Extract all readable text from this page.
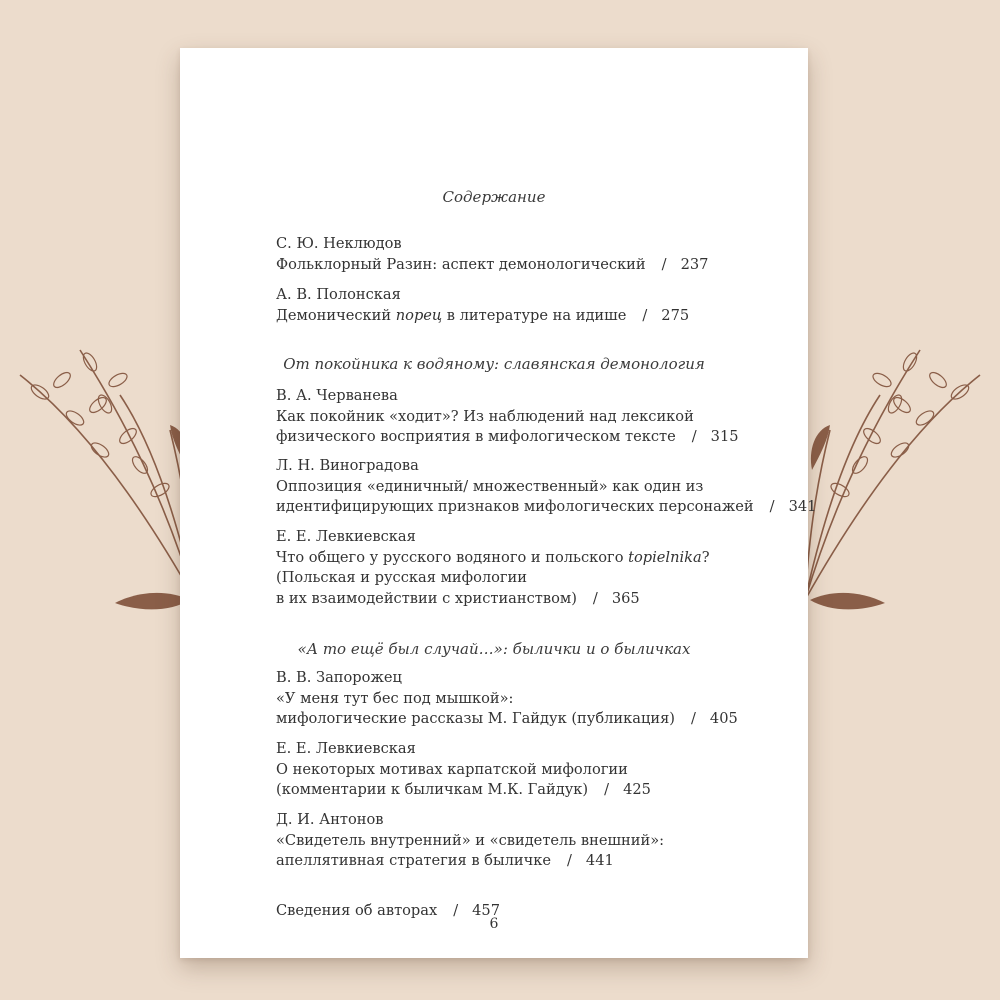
Содержание
С. Ю. Неклюдов
Фольклорный Разин: аспект демонологический / 237
А. В. Полонская
Демонический порец в литературе на идише / 275
От покойника к водяному: славянская демонология
В. А. Черванева
Как покойник «ходит»? Из наблюдений над лексикой
физического восприятия в мифологическом тексте / 315
Л. Н. Виноградова
Оппозиция «единичный/ множественный» как один из
идентифицирующих признаков мифологических персонажей / 341
Е. Е. Левкиевская
Что общего у русского водяного и польского topielnika?
(Польская и русская мифологии
в их взаимодействии с христианством) / 365
«А то ещё был случай…»: былички и о быличках
В. В. Запорожец
«У меня тут бес под мышкой»:
мифологические рассказы М. Гайдук (публикация) / 405
Е. Е. Левкиевская
О некоторых мотивах карпатской мифологии
(комментарии к быличкам М.К. Гайдук) / 425
Д. И. Антонов
«Свидетель внутренний» и «свидетель внешний»:
апеллятивная стратегия в быличке / 441
Сведения об авторах / 457
6
